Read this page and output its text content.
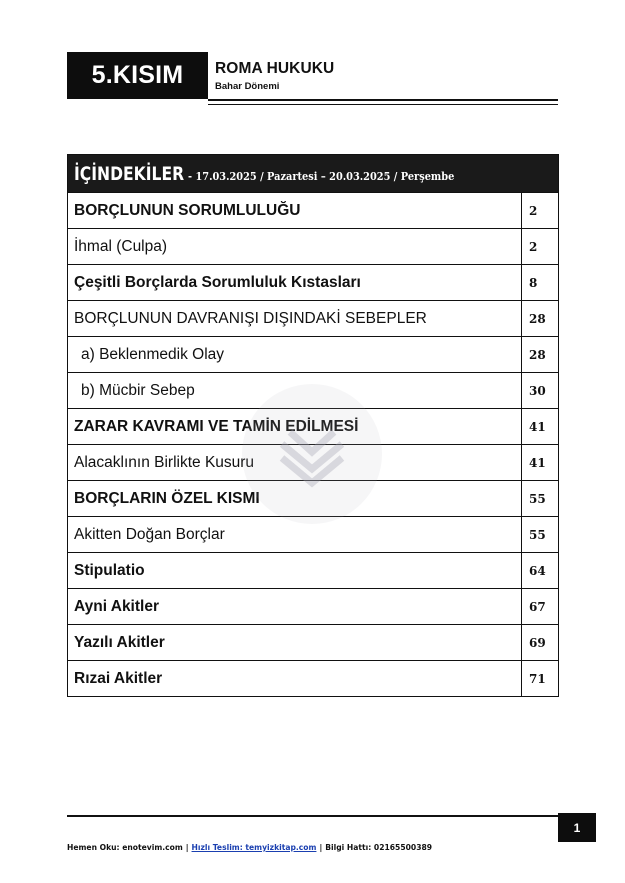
5.KISIM	ROMA HUKUKU
Bahar Dönemi
İÇİNDEKİLER - 17.03.2025 / Pazartesi – 20.03.2025 / Perşembe
BORÇLUNUN SORUMLULUĞU	2
İhmal (Culpa)	2
Çeşitli Borçlarda Sorumluluk Kıstasları	8
BORÇLUNUN DAVRANIŞI DIŞINDAKİ SEBEPLER	28
a) Beklenmedik Olay	28
b) Mücbir Sebep	30
ZARAR KAVRAMI VE TAMİN EDİLMESİ	41
Alacaklının Birlikte Kusuru	41
BORÇLARIN ÖZEL KISMI	55
Akitten Doğan Borçlar	55
Stipulatio	64
Ayni Akitler	67
Yazılı Akitler	69
Rızai Akitler	71
1
Hemen Oku: enotevim.com | Hızlı Teslim: temyizkitap.com | Bilgi Hattı: 02165500389
